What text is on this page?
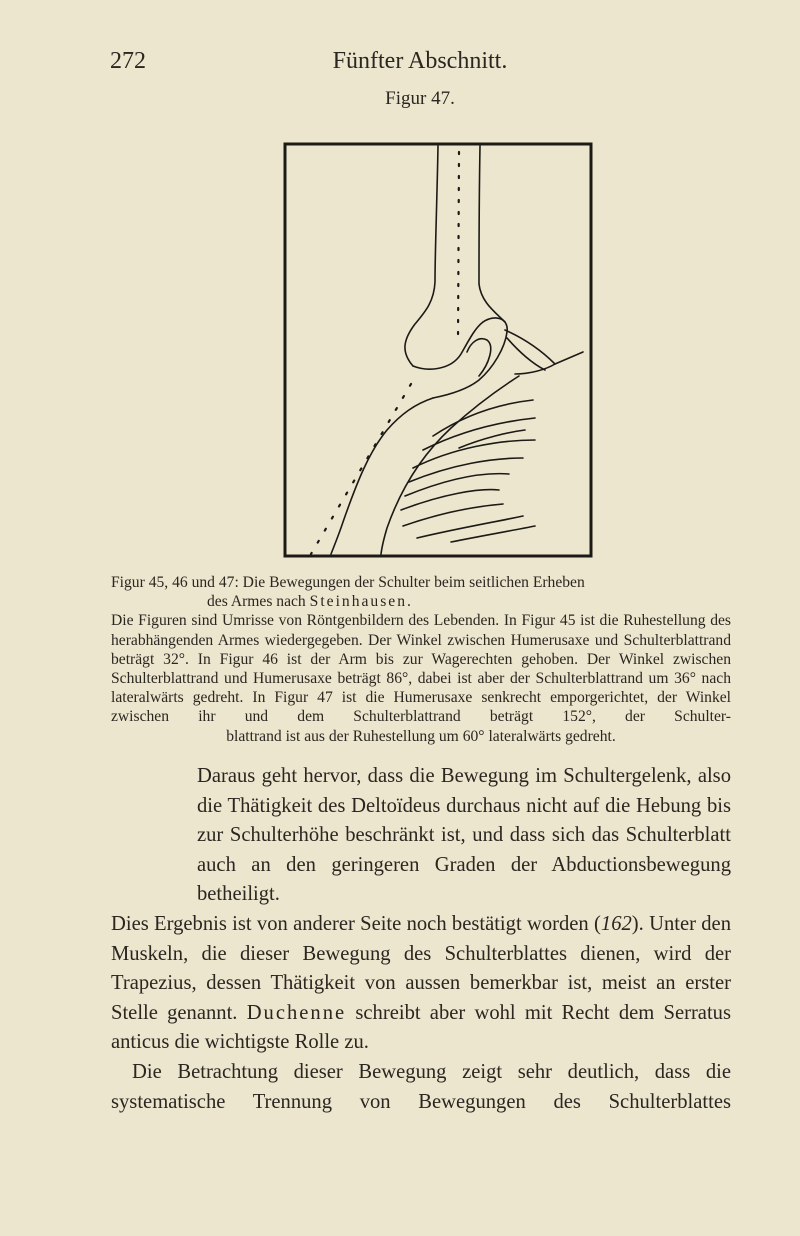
272	Fünfter Abschnitt.
Figur 47.

Figur 45, 46 und 47: Die Bewegungen der Schulter beim seitlichen Erheben

des Armes nach Steinhausen.

Die Figuren sind Umrisse von Röntgenbildern des Lebenden. In Figur 45 ist die Ruhestellung des herabhängenden Armes wiedergegeben. Der Winkel zwischen Humerusaxe und Schulterblattrand beträgt 32°. In Figur 46 ist der Arm bis zur Wagerechten gehoben. Der Winkel zwischen Schulterblattrand und Humerusaxe beträgt 86°, dabei ist aber der Schulterblattrand um 36° nach lateralwärts gedreht. In Figur 47 ist die Humerusaxe senkrecht emporgerichtet, der Winkel zwischen ihr und dem Schulterblattrand beträgt 152°, der Schulter-

blattrand ist aus der Ruhestellung um 60° lateralwärts gedreht.

Daraus geht hervor, dass die Bewegung im Schultergelenk, also die Thätigkeit des Deltoïdeus durchaus nicht auf die Hebung bis zur Schulterhöhe beschränkt ist, und dass sich das Schulterblatt auch an den geringeren Graden der Abductionsbewegung betheiligt.

Dies Ergebnis ist von anderer Seite noch bestätigt worden (162). Unter den Muskeln, die dieser Bewegung des Schulterblattes dienen, wird der Trapezius, dessen Thätigkeit von aussen bemerkbar ist, meist an erster Stelle genannt. Duchenne schreibt aber wohl mit Recht dem Serratus anticus die wichtigste Rolle zu.

Die Betrachtung dieser Bewegung zeigt sehr deutlich, dass die systematische Trennung von Bewegungen des Schulterblattes
